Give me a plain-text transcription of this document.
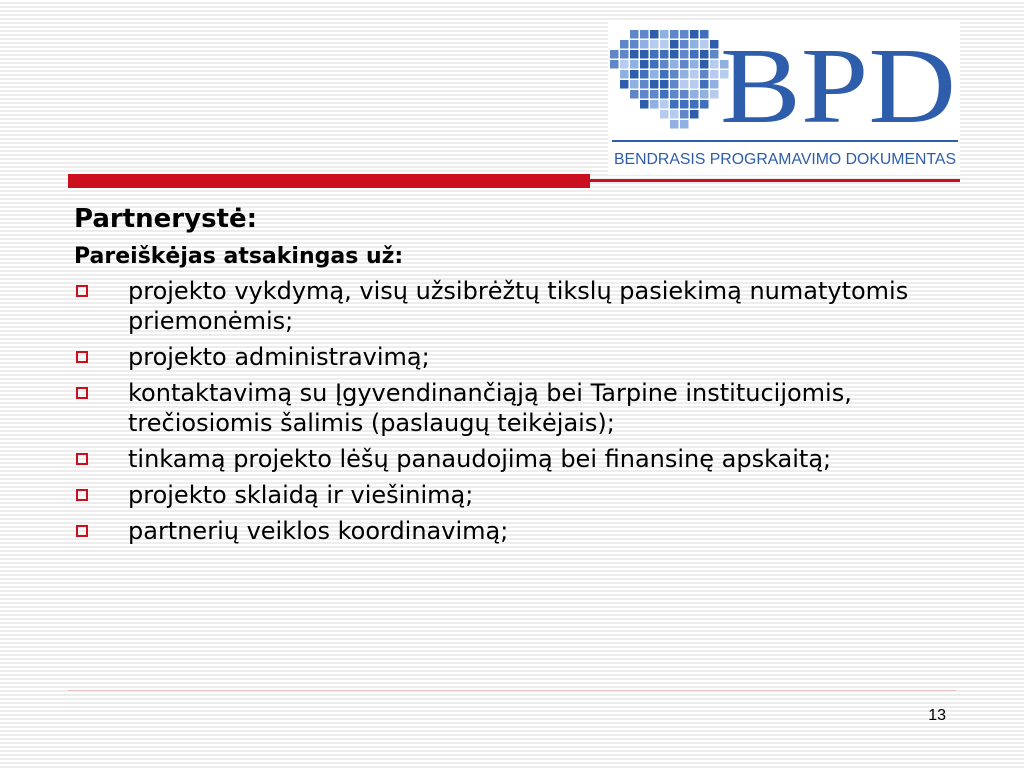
BPD
BENDRASIS PROGRAMAVIMO DOKUMENTAS

Partnerystė:

Pareiškėjas atsakingas už:

projekto vykdymą, visų užsibrėžtų tikslų pasiekimą numatytomis priemonėmis;
projekto administravimą;
kontaktavimą su Įgyvendinančiąją bei Tarpine institucijomis, trečiosiomis šalimis (paslaugų teikėjais);
tinkamą projekto lėšų panaudojimą bei finansinę apskaitą;
projekto sklaidą ir viešinimą;
partnerių veiklos koordinavimą;
13
